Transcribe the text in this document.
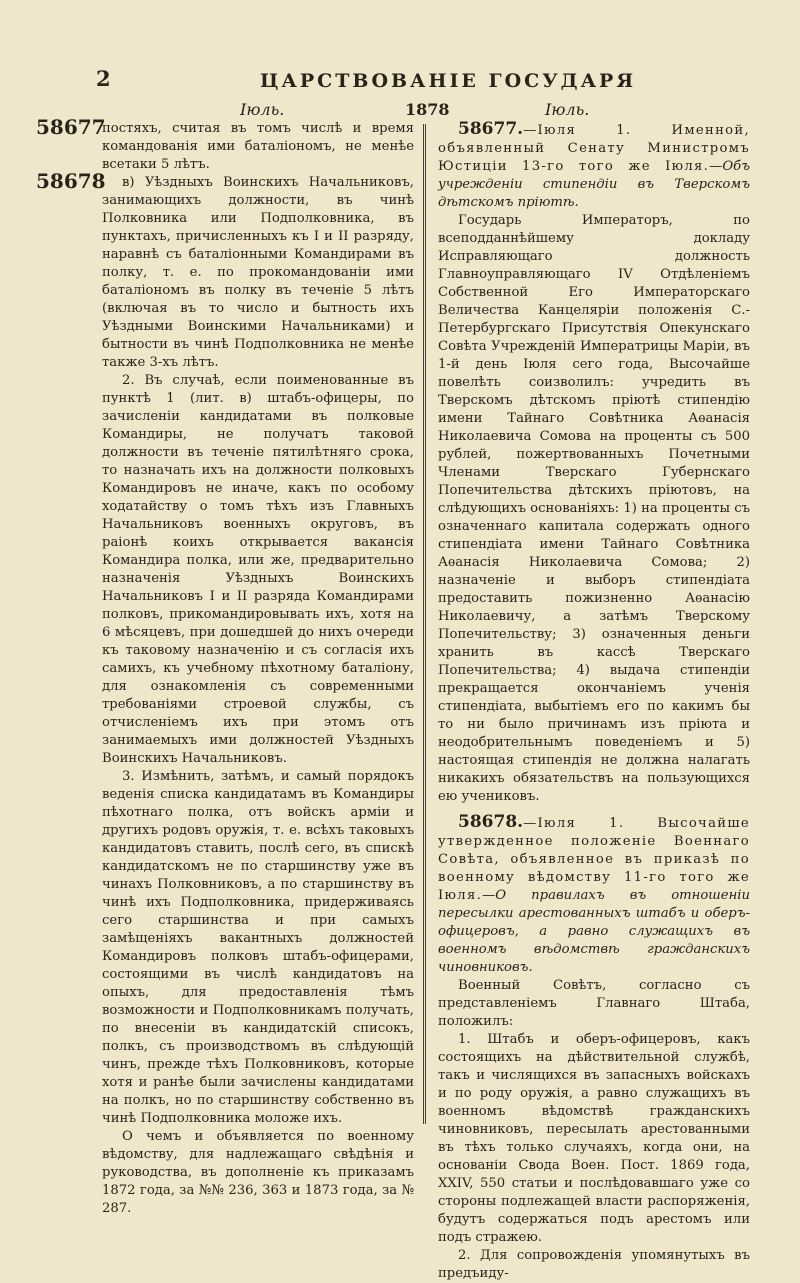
2	ЦАРСТВОВАНІЕ ГОСУДАРЯ
Іюль.	1878	Іюль.
58677

постяхъ, считая въ томъ числѣ и время командованія ими баталіономъ, не менѣе всетаки 5 лѣтъ.

58678	в) Уѣздныхъ Воинскихъ Начальниковъ, занимающихъ должности, въ чинѣ Полковника или Подполковника, въ пунктахъ, причисленныхъ къ I и II разряду, наравнѣ съ баталіонными Командирами въ полку, т. е. по прокомандованіи ими баталіономъ въ полку въ теченіе 5 лѣтъ (включая въ то число и бытность ихъ Уѣздными Воинскими Начальниками) и бытности въ чинѣ Подполковника не менѣе также 3-хъ лѣтъ.

2. Въ случаѣ, если поименованные въ пунктѣ 1 (лит. в) штабъ-офицеры, по зачисленіи кандидатами въ полковые Командиры, не получатъ таковой должности въ теченіе пятилѣтняго срока, то назначать ихъ на должности полковыхъ Командировъ не иначе, какъ по особому ходатайству о томъ тѣхъ изъ Главныхъ Начальниковъ военныхъ округовъ, въ раіонѣ коихъ открывается вакансія Командира полка, или же, предварительно назначенія Уѣздныхъ Воинскихъ Начальниковъ I и II разряда Командирами полковъ, прикомандировывать ихъ, хотя на 6 мѣсяцевъ, при дошедшей до нихъ очереди къ таковому назначенію и съ согласія ихъ самихъ, къ учебному пѣхотному баталіону, для ознакомленія съ современными требованіями строевой службы, съ отчисленіемъ ихъ при этомъ отъ занимаемыхъ ими должностей Уѣздныхъ Воинскихъ Начальниковъ.

3. Измѣнить, затѣмъ, и самый порядокъ веденія списка кандидатамъ въ Командиры пѣхотнаго полка, отъ войскъ арміи и другихъ родовъ оружія, т. е. всѣхъ таковыхъ кандидатовъ ставить, послѣ сего, въ спискѣ кандидатскомъ не по старшинству уже въ чинахъ Полковниковъ, а по старшинству въ чинѣ ихъ Подполковника, придерживаясь сего старшинства и при самыхъ замѣщеніяхъ вакантныхъ должностей Командировъ полковъ штабъ-офицерами, состоящими въ числѣ кандидатовъ на опыхъ, для предоставленія тѣмъ возможности и Подполковникамъ получать, по внесеніи въ кандидатскій списокъ, полкъ, съ производствомъ въ слѣдующій чинъ, прежде тѣхъ Полковниковъ, которые хотя и ранѣе были зачислены кандидатами на полкъ, но по старшинству собственно въ чинѣ Подполковника моложе ихъ.

О чемъ и объявляется по военному вѣдомству, для надлежащаго свѣдѣнія и руководства, въ дополненіе къ приказамъ 1872 года, за №№ 236, 363 и 1873 года, за № 287.

58677.—Іюля 1. Именной, объявленный Сенату Министромъ Юстиціи 13-го того же Іюля.—Объ учрежденіи стипендіи въ Тверскомъ дѣтскомъ пріютѣ.

Государь Императоръ, по всеподданнѣйшему докладу Исправляющаго должность Главноуправляющаго IV Отдѣленіемъ Собственной Его Императорскаго Величества Канцеляріи положенія С.-Петербургскаго Присутствія Опекунскаго Совѣта Учрежденій Императрицы Маріи, въ 1-й день Іюля сего года, Высочайше повелѣть соизволилъ: учредить въ Тверскомъ дѣтскомъ пріютѣ стипендію имени Тайнаго Совѣтника Аѳанасія Николаевича Сомова на проценты съ 500 рублей, пожертвованныхъ Почетными Членами Тверскаго Губернскаго Попечительства дѣтскихъ пріютовъ, на слѣдующихъ основаніяхъ: 1) на проценты съ означеннаго капитала содержать одного стипендіата имени Тайнаго Совѣтника Аѳанасія Николаевича Сомова; 2) назначеніе и выборъ стипендіата предоставить пожизненно Аѳанасію Николаевичу, а затѣмъ Тверскому Попечительству; 3) означенныя деньги хранить въ кассѣ Тверскаго Попечительства; 4) выдача стипендіи прекращается окончаніемъ ученія стипендіата, выбытіемъ его по какимъ бы то ни было причинамъ изъ пріюта и неодобрительнымъ поведеніемъ и 5) настоящая стипендія не должна налагать никакихъ обязательствъ на пользующихся ею учениковъ.

58678.—Іюля 1. Высочайше утвержденное положеніе Военнаго Совѣта, объявленное въ приказѣ по военному вѣдомству 11-го того же Іюля.—О правилахъ въ отношеніи пересылки арестованныхъ штабъ и оберъ-офицеровъ, а равно служащихъ въ военномъ вѣдомствѣ гражданскихъ чиновниковъ.

Военный Совѣтъ, согласно съ представленіемъ Главнаго Штаба, положилъ:

1. Штабъ и оберъ-офицеровъ, какъ состоящихъ на дѣйствительной службѣ, такъ и числящихся въ запасныхъ войскахъ и по роду оружія, а равно служащихъ въ военномъ вѣдомствѣ гражданскихъ чиновниковъ, пересылать арестованными въ тѣхъ только случаяхъ, когда они, на основаніи Свода Воен. Пост. 1869 года, XXIV, 550 статьи и послѣдовавшаго уже со стороны подлежащей власти распоряженія, будутъ содержаться подъ арестомъ или подъ стражею.

2. Для сопровожденія упомянутыхъ въ предъиду-
